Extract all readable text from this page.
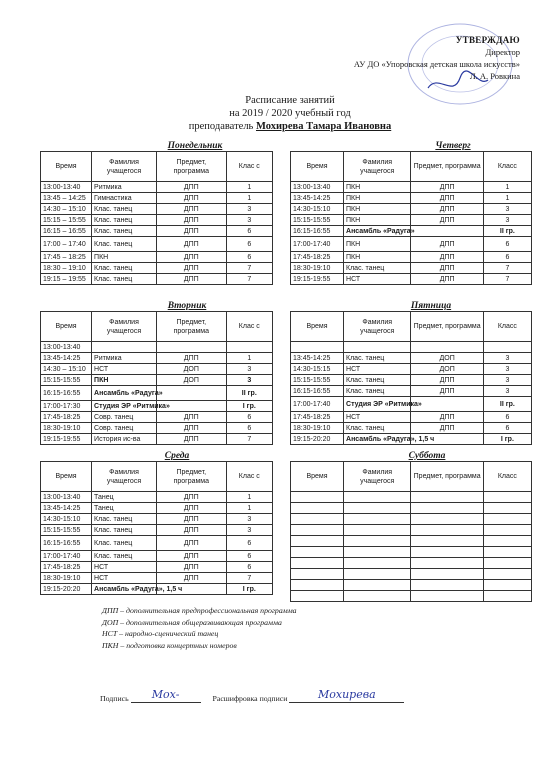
УТВЕРЖДАЮ
Директор
АУ ДО «Упоровская детская школа искусств»
Л. А. Ровкина
Расписание занятий
на 2019 / 2020 учебный год
преподаватель Мохирева Тамара Ивановна
Понедельник	Четверг
Вторник	Пятница
Среда	Суббота
Время	Фамилия учащегося	Предмет, программа	Клас с
13:00-13:40	Ритмика	ДПП	1
13:45 – 14:25	Гимнастика	ДПП	1
14:30 – 15:10	Клас. танец	ДПП	3
15:15 – 15:55	Клас. танец	ДПП	3
16:15 – 16:55	Клас. танец	ДПП	6
17:00 – 17:40	Клас. танец	ДПП	6
17:45 – 18:25	ПКН	ДПП	6
18:30 – 19:10	Клас. танец	ДПП	7
19:15 – 19:55	Клас. танец	ДПП	7
Время	Фамилия учащегося	Предмет, программа	Класс
13:00-13:40	ПКН	ДПП	1
13:45-14:25	ПКН	ДПП	1
14:30-15:10	ПКН	ДПП	3
15:15-15:55	ПКН	ДПП	3
16:15-16:55	Ансамбль «Радуга»		II гр.
17:00-17:40	ПКН	ДПП	6
17:45-18:25	ПКН	ДПП	6
18:30-19:10	Клас. танец	ДПП	7
19:15-19:55	НСТ	ДПП	7
Время	Фамилия учащегося	Предмет, программа	Клас с
13:00-13:40			
13:45-14:25	Ритмика	ДПП	1
14:30 – 15:10	НСТ	ДОП	3
15:15-15:55	ПКН	ДОП	3
16:15-16:55	Ансамбль «Радуга»		II гр.
17:00-17:30	Студия ЭР «Ритмика»		I гр.
17:45-18:25	Совр. танец	ДПП	6
18:30-19:10	Совр. танец	ДПП	6
19:15-19:55	История ис-ва	ДПП	7
Время	Фамилия учащегося	Предмет, программа	Класс

13:45-14:25	Клас. танец	ДОП	3
14:30-15:15	НСТ	ДОП	3
15:15-15:55	Клас. танец	ДПП	3
16:15-16:55	Клас. танец	ДПП	3
17:00-17:40	Студия ЭР «Ритмика»		II гр.
17:45-18:25	НСТ	ДПП	6
18:30-19:10	Клас. танец	ДПП	6
19:15-20:20	Ансамбль «Радуга», 1,5 ч		I гр.
Время	Фамилия учащегося	Предмет, программа	Клас с
13:00-13:40	Танец	ДПП	1
13:45-14:25	Танец	ДПП	1
14:30-15:10	Клас. танец	ДПП	3
15:15-15:55	Клас. танец	ДПП	3
16:15-16:55	Клас. танец	ДПП	6
17:00-17:40	Клас. танец	ДПП	6
17:45-18:25	НСТ	ДПП	6
18:30-19:10	НСТ	ДПП	7
19:15-20:20	Ансамбль «Радуга», 1,5 ч		I гр.
Время	Фамилия учащегося	Предмет, программа	Класс

ДПП – дополнительная предпрофессиональная программа
ДОП – дополнительная общеразвивающая программа
НСТ – народно-сценический танец
ПКН – подготовка концертных номеров
Подпись Мох-	Расшифровка подписи	Мохирева
